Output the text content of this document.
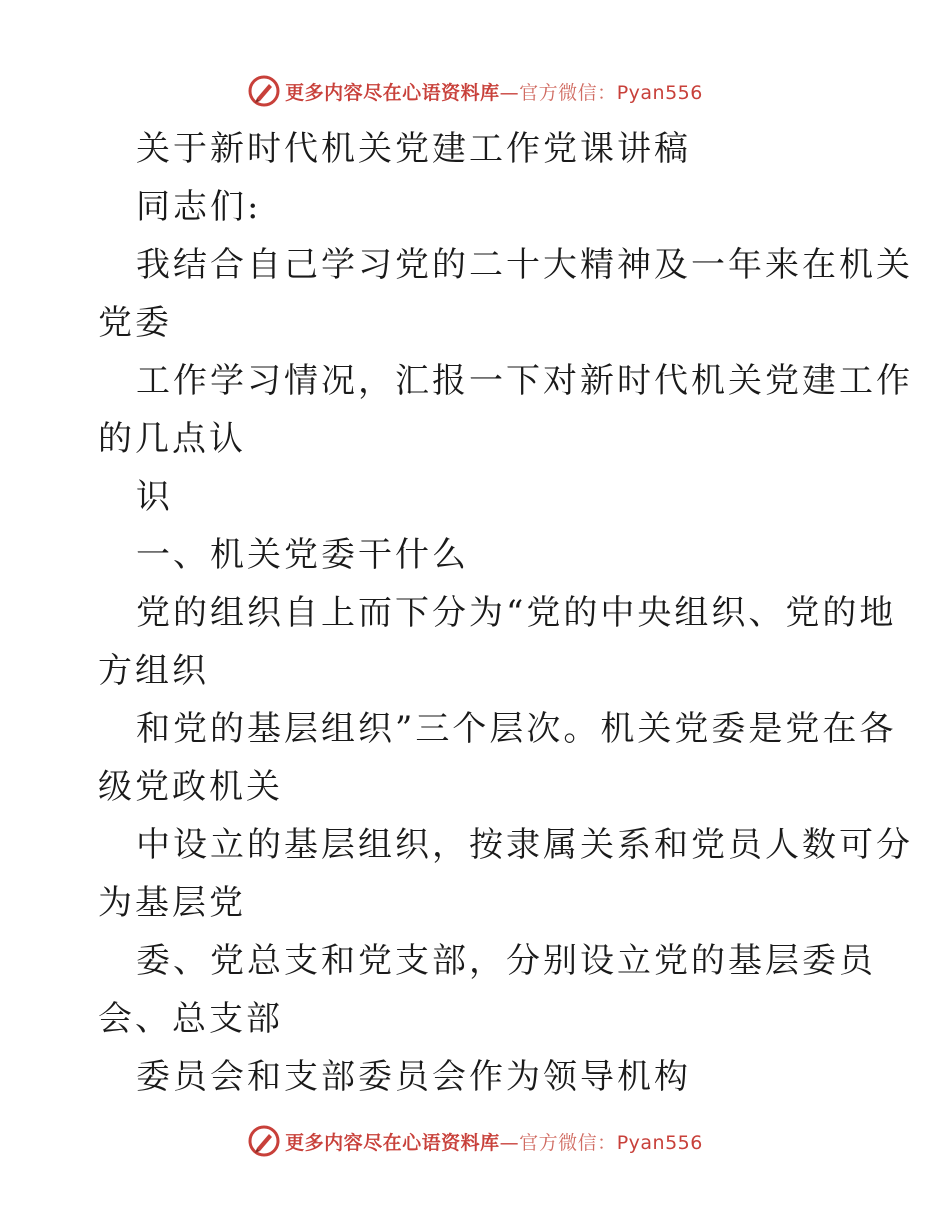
更多内容尽在心语资料库—官方微信：Pyan556
关于新时代机关党建工作党课讲稿
同志们:
我结合自己学习党的二十大精神及一年来在机关
党委
工作学习情况，汇报一下对新时代机关党建工作
的几点认
识
一、机关党委干什么
党的组织自上而下分为“党的中央组织、党的地
方组织
和党的基层组织”三个层次。机关党委是党在各
级党政机关
中设立的基层组织，按隶属关系和党员人数可分
为基层党
委、党总支和党支部，分别设立党的基层委员
会、总支部
委员会和支部委员会作为领导机构
更多内容尽在心语资料库—官方微信：Pyan556
